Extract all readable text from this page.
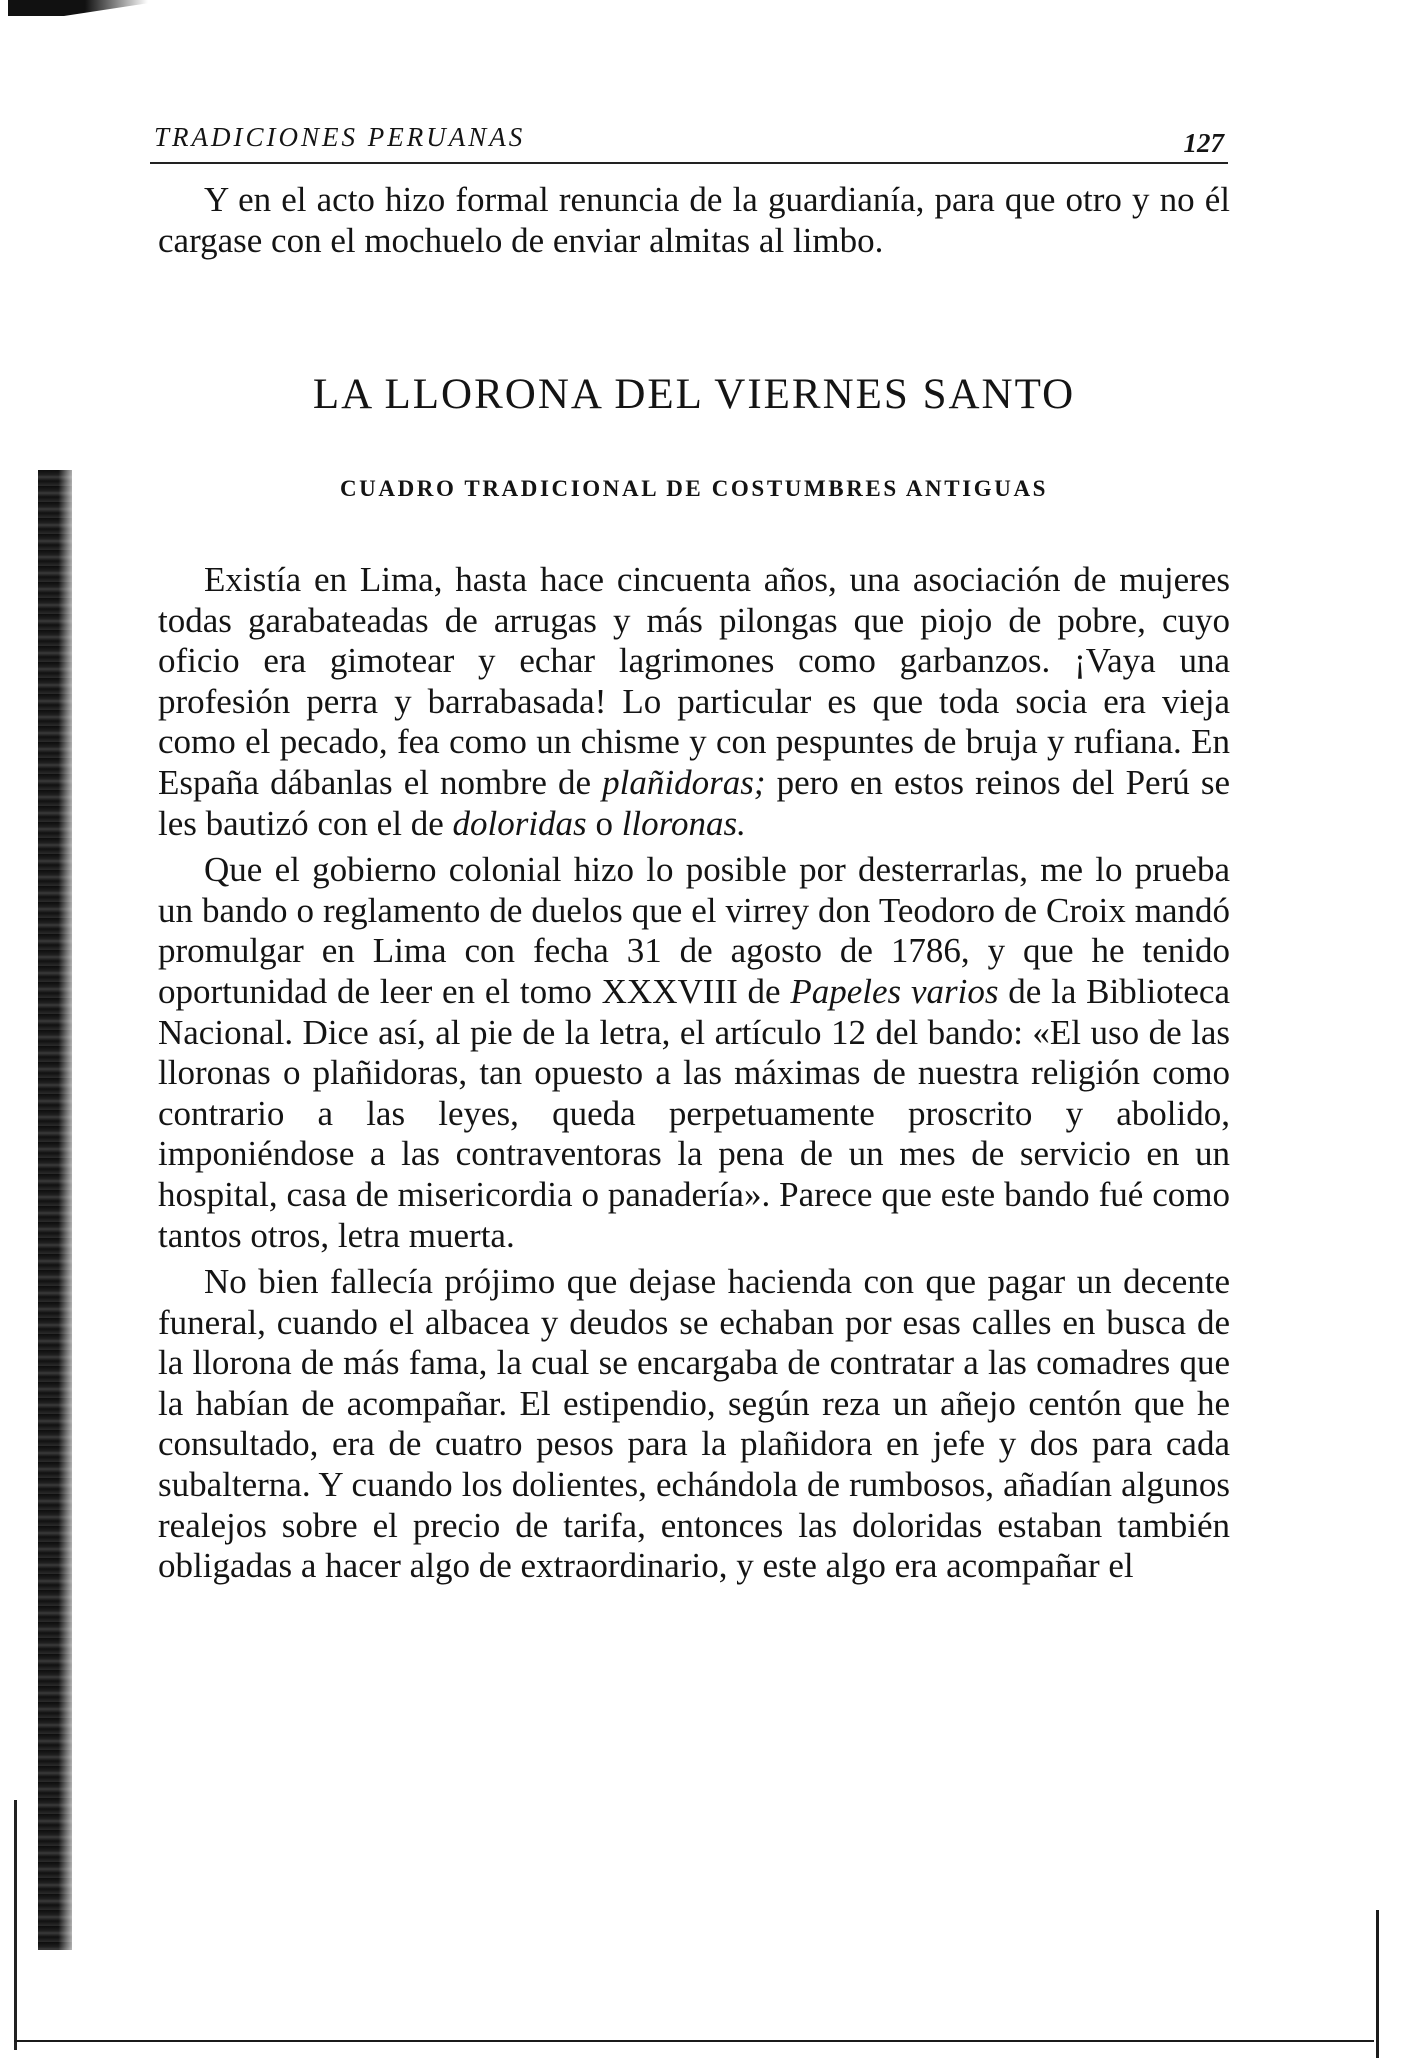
TRADICIONES PERUANAS	127

Y en el acto hizo formal renuncia de la guardianía, para que otro y no él cargase con el mochuelo de enviar almitas al limbo.

LA LLORONA DEL VIERNES SANTO
CUADRO TRADICIONAL DE COSTUMBRES ANTIGUAS

Existía en Lima, hasta hace cincuenta años, una asociación de mujeres todas garabateadas de arrugas y más pilongas que piojo de pobre, cuyo oficio era gimotear y echar lagrimones como garbanzos. ¡Vaya una profesión perra y barrabasada! Lo particular es que toda socia era vieja como el pecado, fea como un chisme y con pespuntes de bruja y rufiana. En España dábanlas el nombre de plañidoras; pero en estos reinos del Perú se les bautizó con el de doloridas o lloronas.

Que el gobierno colonial hizo lo posible por desterrarlas, me lo prueba un bando o reglamento de duelos que el virrey don Teodoro de Croix mandó promulgar en Lima con fecha 31 de agosto de 1786, y que he tenido oportunidad de leer en el tomo XXXVIII de Papeles varios de la Biblioteca Nacional. Dice así, al pie de la letra, el artículo 12 del bando: «El uso de las lloronas o plañidoras, tan opuesto a las máximas de nuestra religión como contrario a las leyes, queda perpetuamente proscrito y abolido, imponiéndose a las contraventoras la pena de un mes de servicio en un hospital, casa de misericordia o panadería». Parece que este bando fué como tantos otros, letra muerta.

No bien fallecía prójimo que dejase hacienda con que pagar un decente funeral, cuando el albacea y deudos se echaban por esas calles en busca de la llorona de más fama, la cual se encargaba de contratar a las comadres que la habían de acompañar. El estipendio, según reza un añejo centón que he consultado, era de cuatro pesos para la plañidora en jefe y dos para cada subalterna. Y cuando los dolientes, echándola de rumbosos, añadían algunos realejos sobre el precio de tarifa, entonces las doloridas estaban también obligadas a hacer algo de extraordinario, y este algo era acompañar el
